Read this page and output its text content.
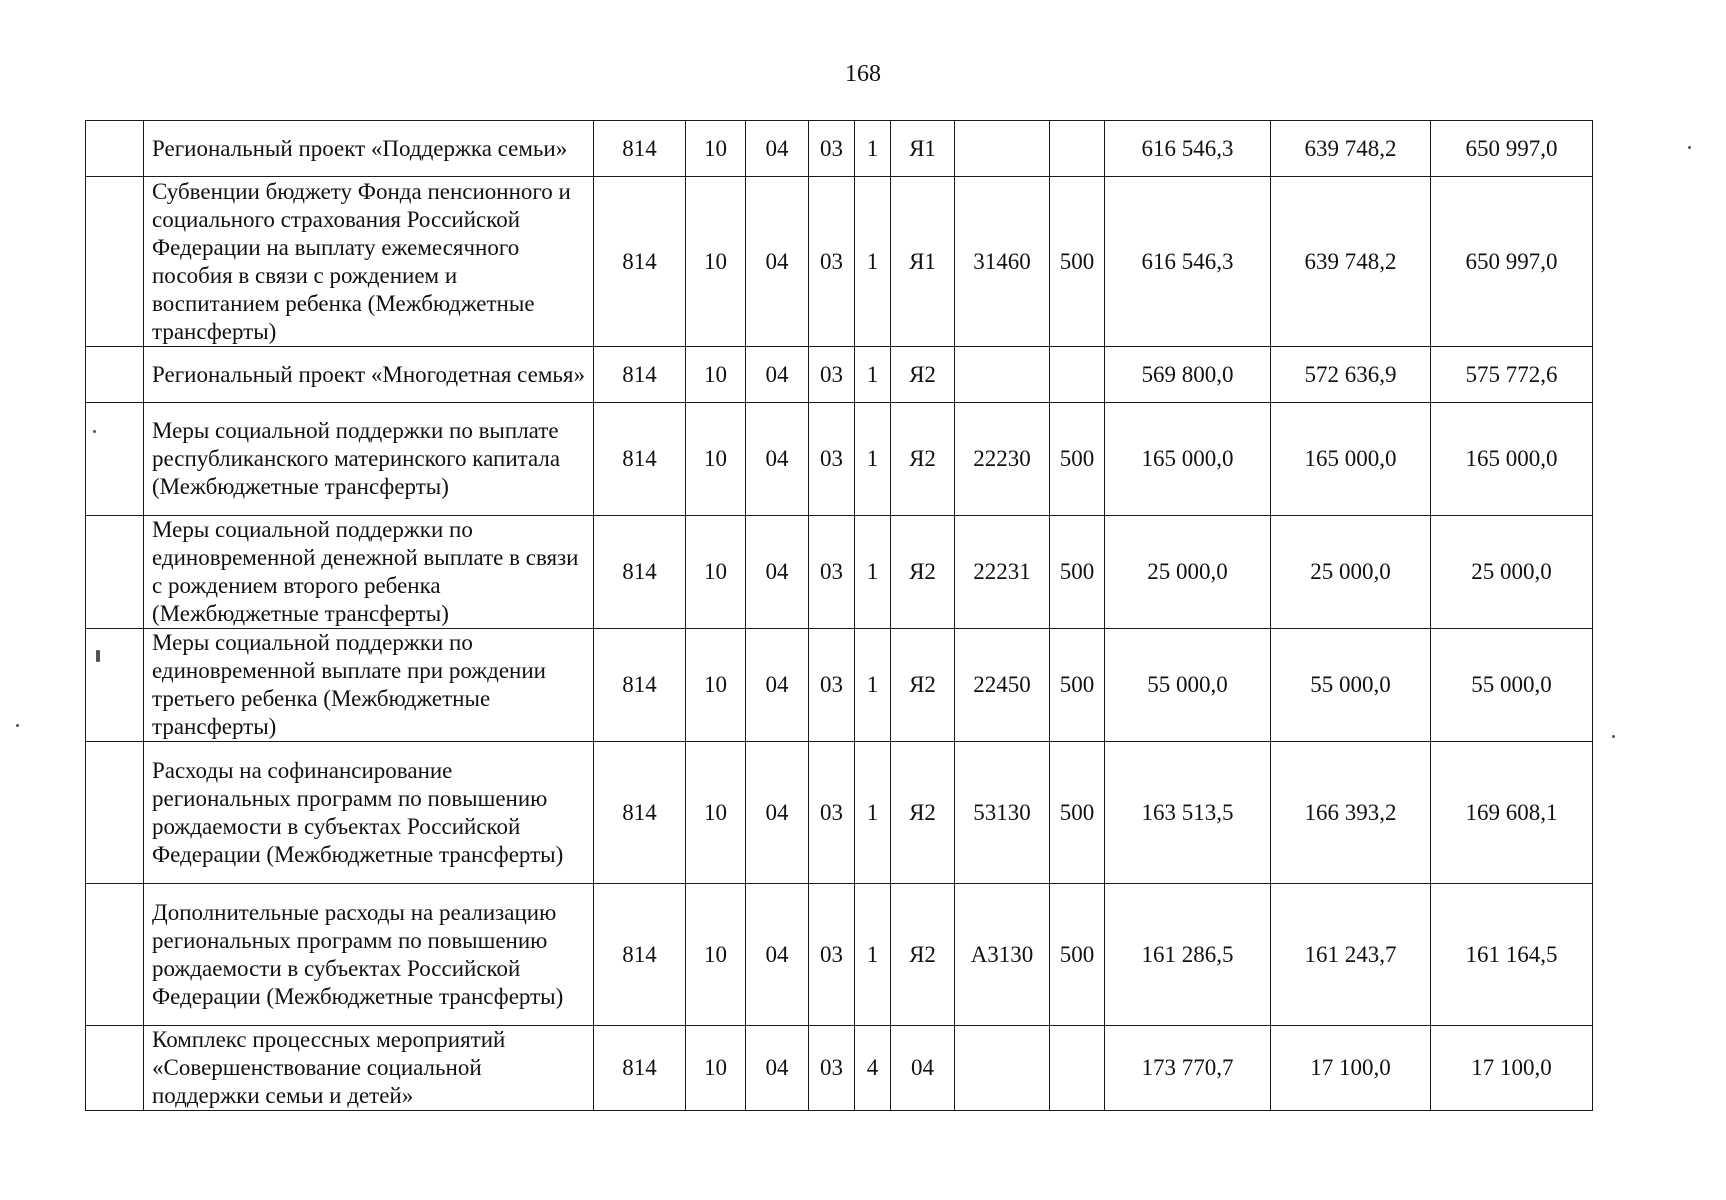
168
	Региональный проект «Поддержка семьи»	814	10	04	03	1	Я1			616 546,3	639 748,2	650 997,0
	Субвенции бюджету Фонда пенсионного и социального страхования Российской Федерации на выплату ежемесячного пособия в связи с рождением и воспитанием ребенка (Межбюджетные трансферты)	814	10	04	03	1	Я1	31460	500	616 546,3	639 748,2	650 997,0
	Региональный проект «Многодетная семья»	814	10	04	03	1	Я2			569 800,0	572 636,9	575 772,6
	Меры социальной поддержки по выплате республиканского материнского капитала (Межбюджетные трансферты)	814	10	04	03	1	Я2	22230	500	165 000,0	165 000,0	165 000,0
	Меры социальной поддержки по единовременной денежной выплате в связи с рождением второго ребенка (Межбюджетные трансферты)	814	10	04	03	1	Я2	22231	500	25 000,0	25 000,0	25 000,0
	Меры социальной поддержки по единовременной выплате при рождении третьего ребенка (Межбюджетные трансферты)	814	10	04	03	1	Я2	22450	500	55 000,0	55 000,0	55 000,0
	Расходы на софинансирование региональных программ по повышению рождаемости в субъектах Российской Федерации (Межбюджетные трансферты)	814	10	04	03	1	Я2	53130	500	163 513,5	166 393,2	169 608,1
	Дополнительные расходы на реализацию региональных программ по повышению рождаемости в субъектах Российской Федерации (Межбюджетные трансферты)	814	10	04	03	1	Я2	А3130	500	161 286,5	161 243,7	161 164,5
	Комплекс процессных мероприятий «Совершенствование социальной поддержки семьи и детей»	814	10	04	03	4	04			173 770,7	17 100,0	17 100,0
